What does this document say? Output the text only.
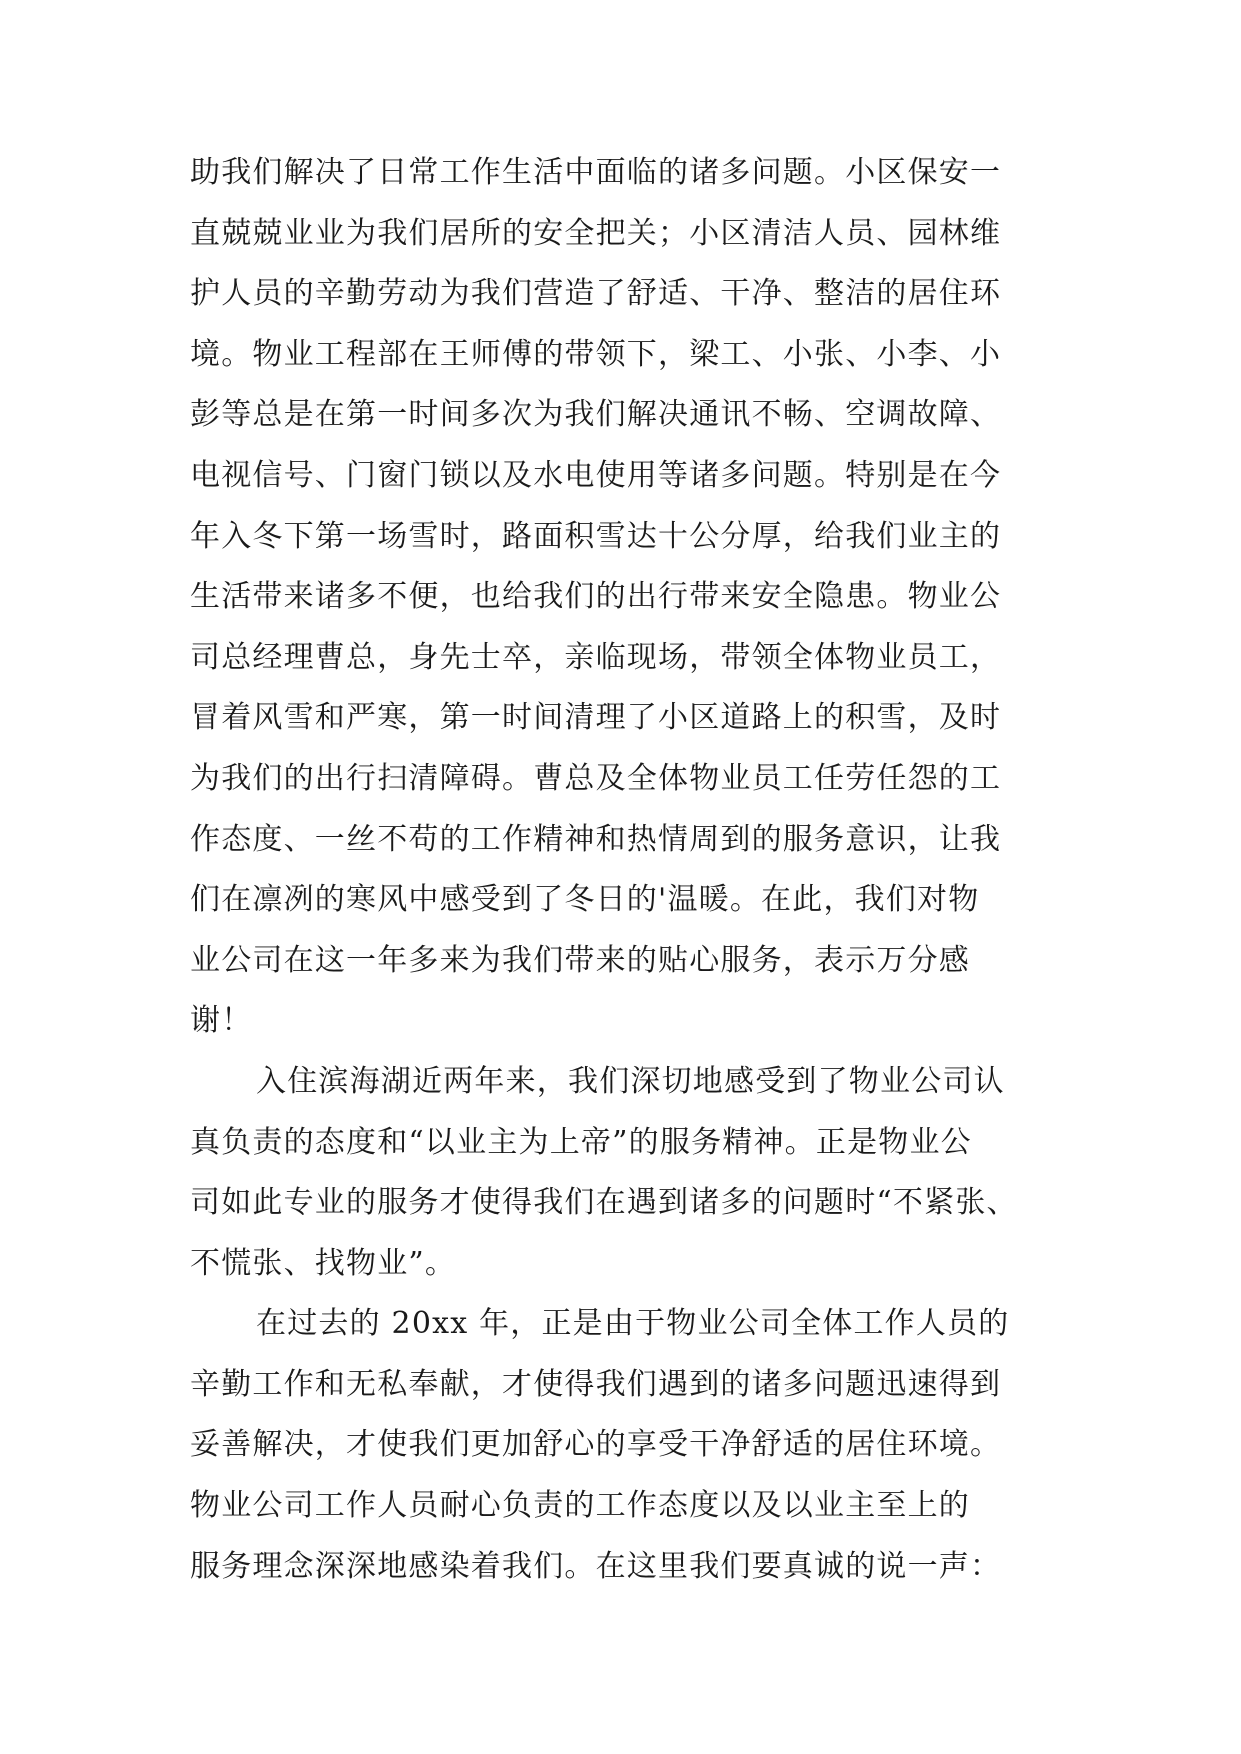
助我们解决了日常工作生活中面临的诸多问题。小区保安一
直兢兢业业为我们居所的安全把关；小区清洁人员、园林维
护人员的辛勤劳动为我们营造了舒适、干净、整洁的居住环
境。物业工程部在王师傅的带领下，梁工、小张、小李、小
彭等总是在第一时间多次为我们解决通讯不畅、空调故障、
电视信号、门窗门锁以及水电使用等诸多问题。特别是在今
年入冬下第一场雪时，路面积雪达十公分厚，给我们业主的
生活带来诸多不便，也给我们的出行带来安全隐患。物业公
司总经理曹总，身先士卒，亲临现场，带领全体物业员工，
冒着风雪和严寒，第一时间清理了小区道路上的积雪，及时
为我们的出行扫清障碍。曹总及全体物业员工任劳任怨的工
作态度、一丝不苟的工作精神和热情周到的服务意识，让我
们在凛冽的寒风中感受到了冬日的'温暖。在此，我们对物
业公司在这一年多来为我们带来的贴心服务，表示万分感
谢！
入住滨海湖近两年来，我们深切地感受到了物业公司认
真负责的态度和“以业主为上帝”的服务精神。正是物业公
司如此专业的服务才使得我们在遇到诸多的问题时“不紧张、
不慌张、找物业”。
在过去的 20xx 年，正是由于物业公司全体工作人员的
辛勤工作和无私奉献，才使得我们遇到的诸多问题迅速得到
妥善解决，才使我们更加舒心的享受干净舒适的居住环境。
物业公司工作人员耐心负责的工作态度以及以业主至上的
服务理念深深地感染着我们。在这里我们要真诚的说一声：
